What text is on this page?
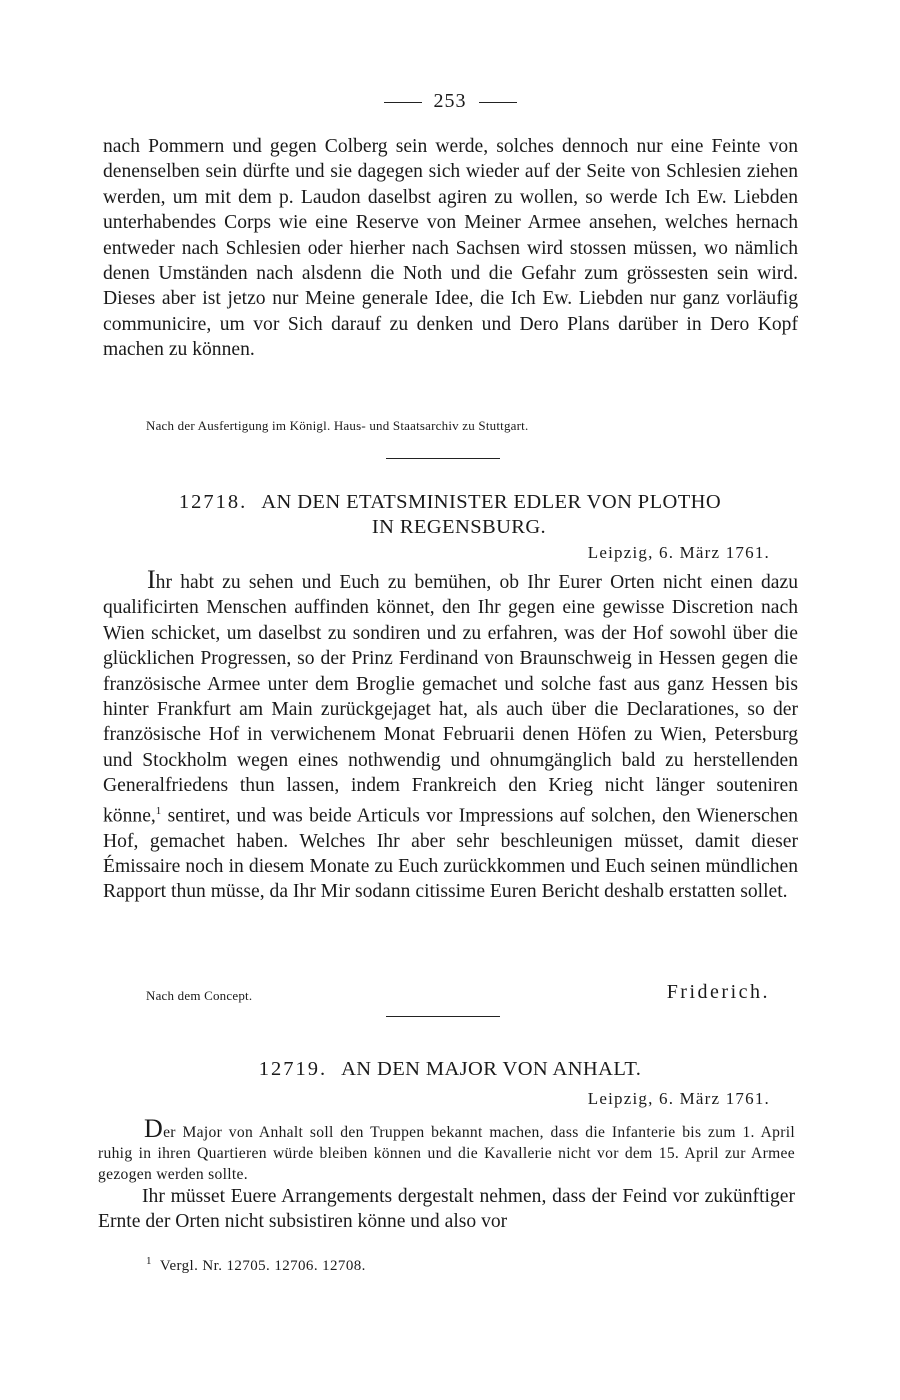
253

nach Pommern und gegen Colberg sein werde, solches dennoch nur eine Feinte von denenselben sein dürfte und sie dagegen sich wieder auf der Seite von Schlesien ziehen werden, um mit dem p. Laudon daselbst agiren zu wollen, so werde Ich Ew. Liebden unterhabendes Corps wie eine Reserve von Meiner Armee ansehen, welches hernach entweder nach Schlesien oder hierher nach Sachsen wird stossen müssen, wo nämlich denen Umständen nach alsdenn die Noth und die Gefahr zum grössesten sein wird. Dieses aber ist jetzo nur Meine generale Idee, die Ich Ew. Liebden nur ganz vorläufig communicire, um vor Sich darauf zu denken und Dero Plans darüber in Dero Kopf machen zu können.

Nach der Ausfertigung im Königl. Haus- und Staatsarchiv zu Stuttgart.
12718. AN DEN ETATSMINISTER EDLER VON PLOTHO
IN REGENSBURG.
Leipzig, 6. März 1761.

Ihr habt zu sehen und Euch zu bemühen, ob Ihr Eurer Orten nicht einen dazu qualificirten Menschen auffinden könnet, den Ihr gegen eine gewisse Discretion nach Wien schicket, um daselbst zu sondiren und zu erfahren, was der Hof sowohl über die glücklichen Progressen, so der Prinz Ferdinand von Braunschweig in Hessen gegen die französische Armee unter dem Broglie gemachet und solche fast aus ganz Hessen bis hinter Frankfurt am Main zurückgejaget hat, als auch über die Declarationes, so der französische Hof in verwichenem Monat Februarii denen Höfen zu Wien, Petersburg und Stockholm wegen eines nothwendig und ohnumgänglich bald zu herstellenden Generalfriedens thun lassen, indem Frankreich den Krieg nicht länger souteniren könne,$^1$ sentiret, und was beide Articuls vor Impressions auf solchen, den Wienerschen Hof, gemachet haben. Welches Ihr aber sehr beschleunigen müsset, damit dieser Émissaire noch in diesem Monate zu Euch zurückkommen und Euch seinen mündlichen Rapport thun müsse, da Ihr Mir sodann citissime Euren Bericht deshalb erstatten sollet.

Nach dem Concept.	Friderich.
12719. AN DEN MAJOR VON ANHALT.
Leipzig, 6. März 1761.

Der Major von Anhalt soll den Truppen bekannt machen, dass die Infanterie bis zum 1. April ruhig in ihren Quartieren würde bleiben können und die Kavallerie nicht vor dem 15. April zur Armee gezogen werden sollte.

Ihr müsset Euere Arrangements dergestalt nehmen, dass der Feind vor zukünftiger Ernte der Orten nicht subsistiren könne und also vor

$^1$ Vergl. Nr. 12705. 12706. 12708.
